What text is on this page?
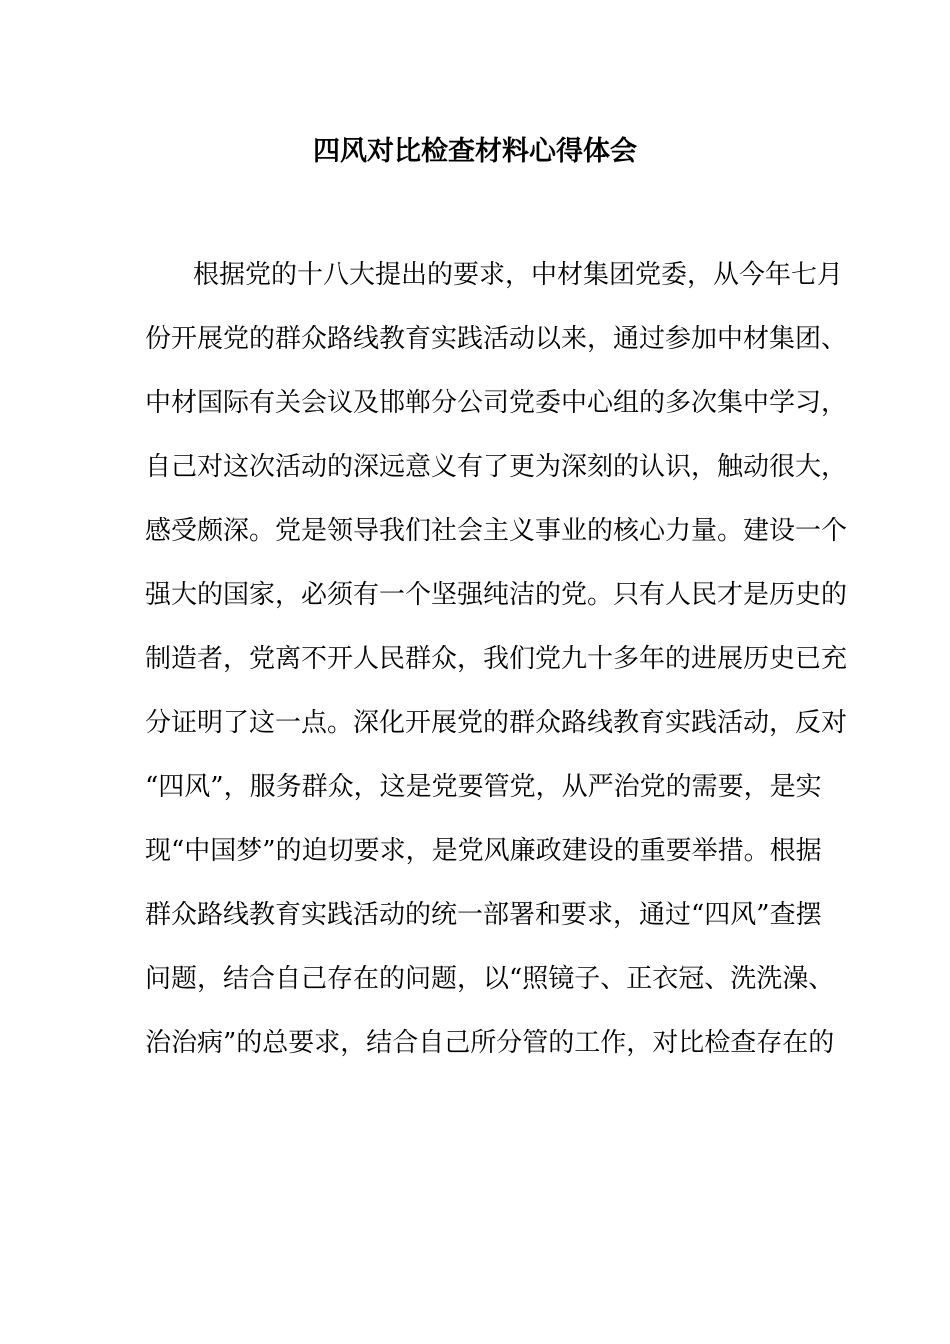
四风对比检查材料心得体会
根据党的十八大提出的要求，中材集团党委，从今年七月
份开展党的群众路线教育实践活动以来，通过参加中材集团、
中材国际有关会议及邯郸分公司党委中心组的多次集中学习，
自己对这次活动的深远意义有了更为深刻的认识，触动很大，
感受颇深。党是领导我们社会主义事业的核心力量。建设一个
强大的国家，必须有一个坚强纯洁的党。只有人民才是历史的
制造者，党离不开人民群众，我们党九十多年的进展历史已充
分证明了这一点。深化开展党的群众路线教育实践活动，反对
“四风”，服务群众，这是党要管党，从严治党的需要，是实
现“中国梦”的迫切要求，是党风廉政建设的重要举措。根据
群众路线教育实践活动的统一部署和要求，通过“四风”查摆
问题，结合自己存在的问题，以“照镜子、正衣冠、洗洗澡、
治治病”的总要求，结合自己所分管的工作，对比检查存在的
